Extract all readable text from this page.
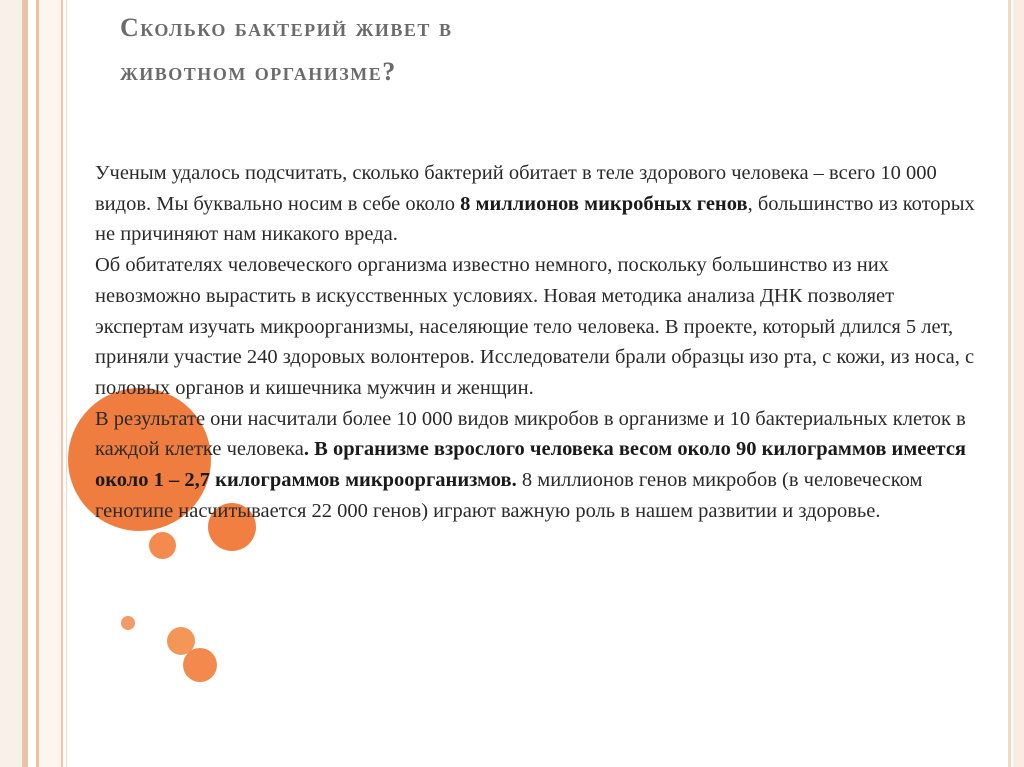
Сколько бактерий живет в
животном организме?

Ученым удалось подсчитать, сколько бактерий обитает в теле здорового человека – всего 10 000 видов. Мы буквально носим в себе около 8 миллионов микробных генов, большинство из которых не причиняют нам никакого вреда.

Об обитателях человеческого организма известно немного, поскольку большинство из них невозможно вырастить в искусственных условиях. Новая методика анализа ДНК позволяет экспертам изучать микроорганизмы, населяющие тело человека. В проекте, который длился 5 лет, приняли участие 240 здоровых волонтеров. Исследователи брали образцы изо рта, с кожи, из носа, с половых органов и кишечника мужчин и женщин.

В результате они насчитали более 10 000 видов микробов в организме и 10 бактериальных клеток в каждой клетке человека. В организме взрослого человека весом около 90 килограммов имеется около 1 – 2,7 килограммов микроорганизмов. 8 миллионов генов микробов (в человеческом генотипе насчитывается 22 000 генов) играют важную роль в нашем развитии и здоровье.
